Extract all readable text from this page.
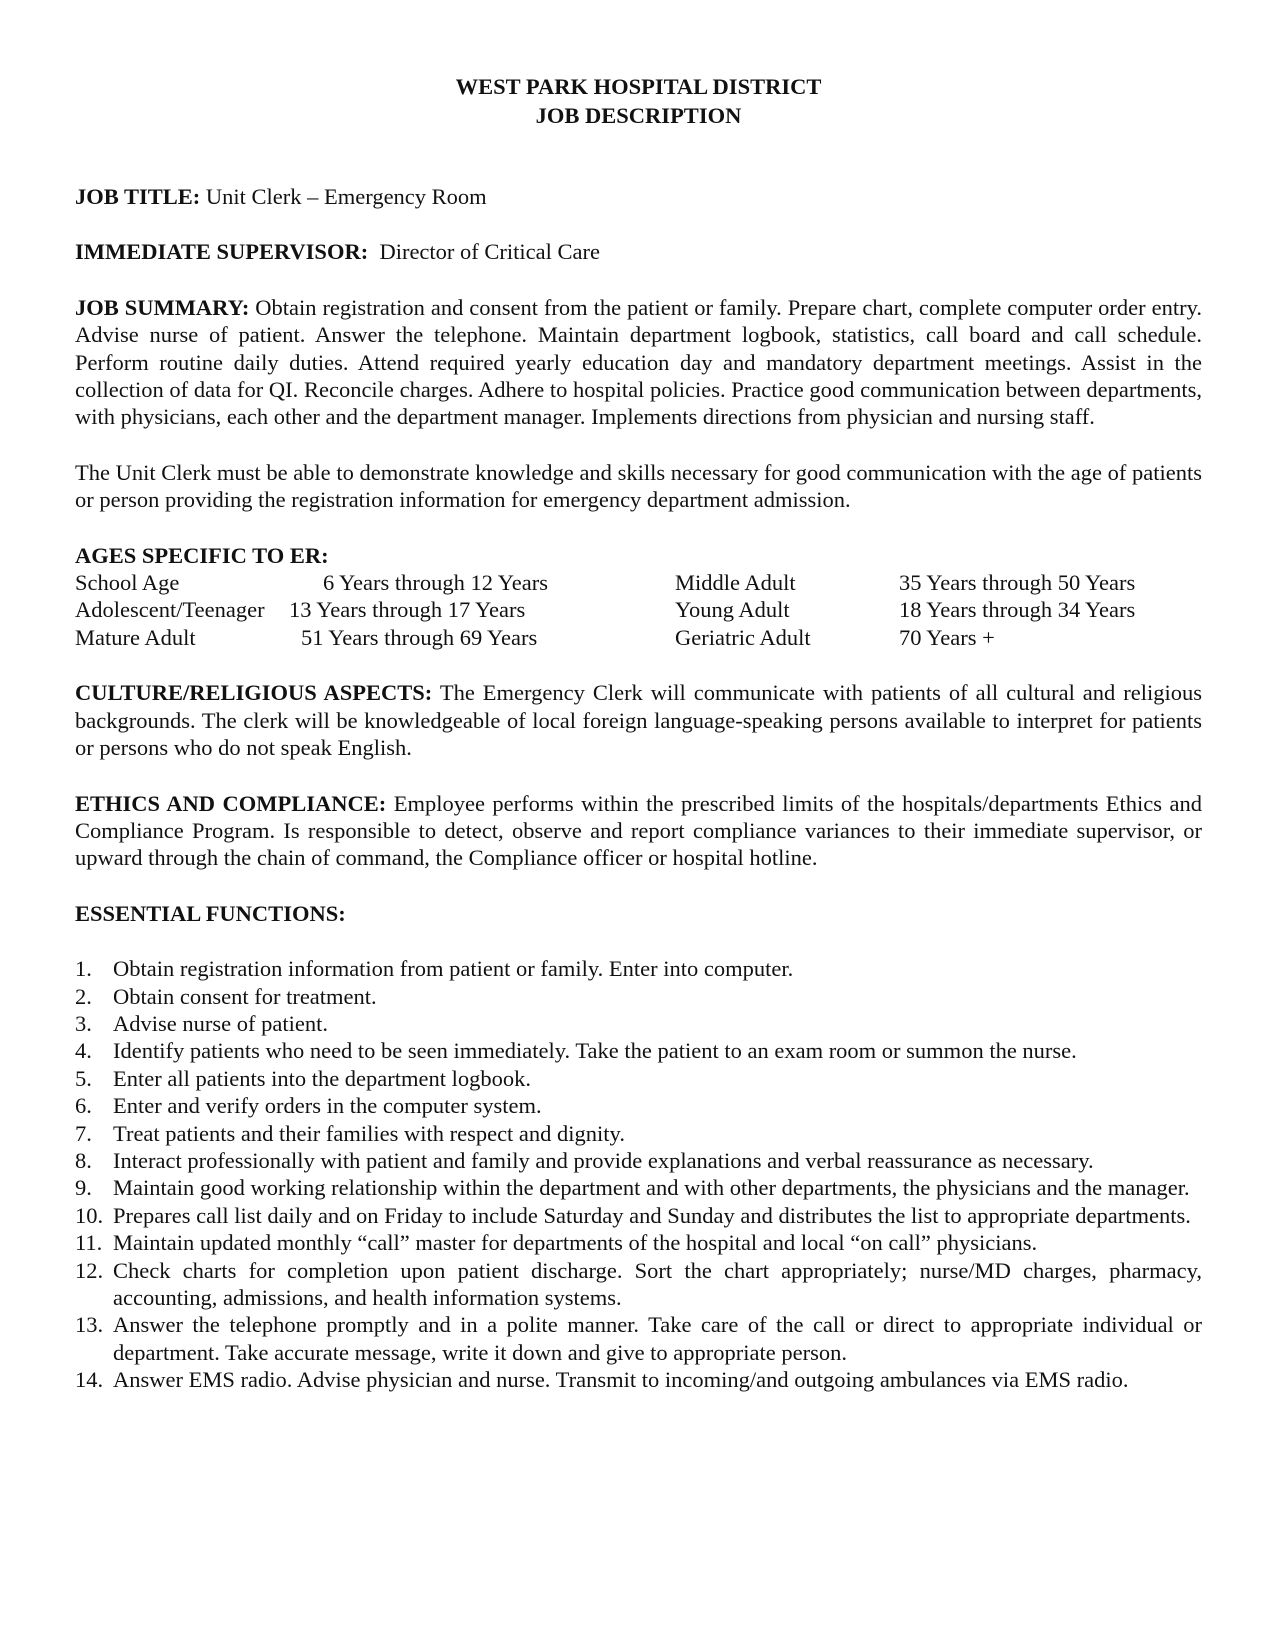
WEST PARK HOSPITAL DISTRICT
JOB DESCRIPTION

JOB TITLE: Unit Clerk – Emergency Room

IMMEDIATE SUPERVISOR:  Director of Critical Care

JOB SUMMARY: Obtain registration and consent from the patient or family. Prepare chart, complete computer order entry. Advise nurse of patient. Answer the telephone. Maintain department logbook, statistics, call board and call schedule. Perform routine daily duties. Attend required yearly education day and mandatory department meetings. Assist in the collection of data for QI. Reconcile charges. Adhere to hospital policies. Practice good communication between departments, with physicians, each other and the department manager. Implements directions from physician and nursing staff.

The Unit Clerk must be able to demonstrate knowledge and skills necessary for good communication with the age of patients or person providing the registration information for emergency department admission.

AGES SPECIFIC TO ER:
School Age	6 Years through 12 Years	Middle Adult	35 Years through 50 Years
Adolescent/Teenager	13 Years through 17 Years	Young Adult	18 Years through 34 Years
Mature Adult	51 Years through 69 Years	Geriatric Adult	70 Years +

CULTURE/RELIGIOUS ASPECTS: The Emergency Clerk will communicate with patients of all cultural and religious backgrounds. The clerk will be knowledgeable of local foreign language-speaking persons available to interpret for patients or persons who do not speak English.

ETHICS AND COMPLIANCE: Employee performs within the prescribed limits of the hospitals/departments Ethics and Compliance Program. Is responsible to detect, observe and report compliance variances to their immediate supervisor, or upward through the chain of command, the Compliance officer or hospital hotline.

ESSENTIAL FUNCTIONS:
1. Obtain registration information from patient or family. Enter into computer.
2. Obtain consent for treatment.
3. Advise nurse of patient.
4. Identify patients who need to be seen immediately. Take the patient to an exam room or summon the nurse.
5. Enter all patients into the department logbook.
6. Enter and verify orders in the computer system.
7. Treat patients and their families with respect and dignity.
8. Interact professionally with patient and family and provide explanations and verbal reassurance as necessary.
9. Maintain good working relationship within the department and with other departments, the physicians and the manager.
10. Prepares call list daily and on Friday to include Saturday and Sunday and distributes the list to appropriate departments.
11. Maintain updated monthly “call” master for departments of the hospital and local “on call” physicians.
12. Check charts for completion upon patient discharge. Sort the chart appropriately; nurse/MD charges, pharmacy, accounting, admissions, and health information systems.
13. Answer the telephone promptly and in a polite manner. Take care of the call or direct to appropriate individual or department. Take accurate message, write it down and give to appropriate person.
14. Answer EMS radio. Advise physician and nurse. Transmit to incoming/and outgoing ambulances via EMS radio.
